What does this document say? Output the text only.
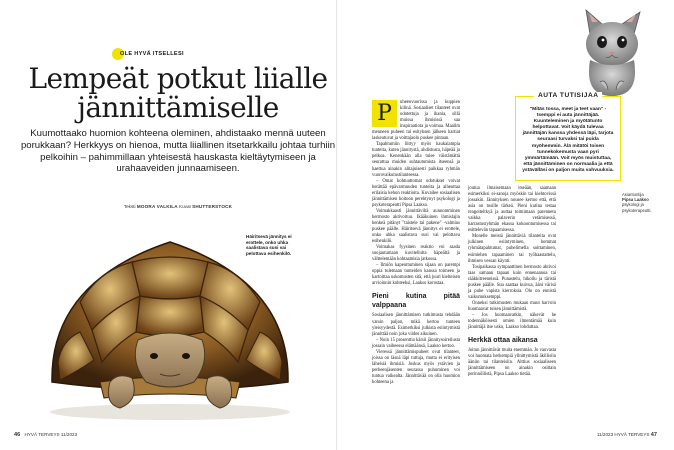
OLE HYVÄ ITSELLESI
Lempeät potkut liialle jännittämiselle

Kuumottaako huomion kohteena oleminen, ahdistaako mennä uuteen porukkaan? Herkkyys on hienoa, mutta liiallinen itsetarkkailu johtaa turhiin pelkoihin – pahimmillaan yhteisestä hauskasta kieltäytymiseen ja urahaaveiden junnaamiseen.

Teksti MOORA VALKILA Kuvat SHUTTERSTOCK

Häiritsevä jännitys ei erottele, onko uhka saalistava susi vai pelottava esihenkilö.

46 HYVÄ TERVEYS 11/2023
P	uheenvuorissa ja kuppien kilinä. Sosiaaliset tilanteet ovat odotettuja ja ihania, sillä muissa ihmisissä saa inspiraatiota ja voimaa. Maailm menneen puheen tai esityksen jälkeen hartiat laskeutuvat ja voittajaolo puskee pintaan.

Tapahtumiin liittyy myös haukalampia tunteita, kuten jännitystä, ahdistusta, häpeää ja pelkoa. Kenenkään alla tulee väistämättä seurattua muiden suhtautumista itseensä ja haettua ainakin alitajuisesti paikkaa ryhmän vuorovaikutustilanteessa.

– Omat kohtuuttomat odotukset voivat herättää epävarmuuden tunteita ja aiheuttaa erilaisia kehon reaktioita. Kuvailee sosiaalisen jännittämisen hoitoon perehtynyt psykologi ja psykoterapeutti Pipsa Laakso.

Voimakkaasti jännittäviltä aunnomminen hermosto aktivoituu. Ikääkuinen ihmislajin henkeä pitänyt "taistele tai pakene" -valmius puskee päälle. Häiritsevä jännitys ei erottele, onko uhka saalistava susi vai pelottava esihenkilö.

Voimakas fyysinen reaktio voi saada suojautumaan kuvitellulta häpeältä ja välttelemään kohtaamisia jatkossa.

– Ilmiön kapeuttuminen sijaan on parempi oppia tulemaan tunteiden kanssa toimeen ja kartoittaa uskomusten sitä, että juuri kielteisen arvioinnin kohteeksi, Laakso korostaa.

Pieni kutina pitää valppaana

Sosiaalisen jännittämisen tutkimusta tehdään varsin paljon, mikä kertoo tunteen yleisyydestä. Esimerkiksi julkista esiintymistä jännittää noin joka viides aikuinen.

– Noin 15 prosenttia kärsii jännitysoireilusta jossain vaiheessa elämäänsä, Laakso kertoo.

Vieressä jännittämispuheet ovat tilanteet, joissa on läsnä läpi tuttuja, mutta ei erityisen läheisiä ihmisiä. Joskus myös ystävien ja perheenjäsenten seurassa puhuminen voi tuntua vaikealta. Jännittävää on olla huomion kohteena ja

AUTA TUTISIJAA

"Mitäs tossa, meet ja teet vaan" -tsemppi ei auta jännittäjää. Kuunteleminen ja myötätunto helpottavat. Voit käydä tulevaa jännittäjän kanssa yhdessä läpi, tarjota seuraasi turvaksi tai puida myöhemmin. Älä mitätöi toisen tunnekokemusta vaan pyri ymmärtämään. Voit myös muistuttaa, että jännittäminen on normaalia ja että ystävälläsi on paljon muita vahvuuksia.

joutua ilmaisemaan itseään, saamaan esimerkiksi ei-sanoja myöskin tai kiehtovissä jossakin. Jännityksen nousee kertoo että, että asia on tosille tärkeä. Pieni kutina testaa reagoiteltkyä ja auttaa toimimaan parennetu vaikka palaverin vetämisessä, harrastusryhmän ekassa kokoontumisessa tai esittelevän tapaamisessa.

Monelle meistä jännittäviä tilanteita ovat julkinen esiintyminen, hommat ryhmätapahtumat, puhelimella soittaminen, esimiehen tapaaminen tai työhaastattelu, ihmisen vessan käynti.

Tosipaikassa sympaattinen hermosto aktivoi taas samaan tapaan kuin ennenaanoa tai rääkkitreeneissä. Punastelu, hikoilu ja täristä puskee päälle. Suu saattaa kuivua, ääni värisä ja puhe vapista kierroksia. Olo on ennistä vaikumuksemppi.

Onneksi tutkimusten mukaan muut harvoin huomaavat toisen jännittämistä.

– Jos huomaavatkin, näkevät he todennäköisesti omien ilmentämää kuin jännittäjä itse usko, Laakso lohduttaa.

Herkkä ottaa aikansa

Joitun jännittävät muita enemmän. Jo vauvasta voi huomata herkempiä yllnittymistä äkillisiin ääniin tai tilanteisiin. Alttius sosiaaliseen jännittämiseen on ainakin osittain perinnöllistä, Pipsa Laakso tietää.

Asiantuntija
Pipsa Laakso
psykologi ja psykoterapeutti.

11/2023 HYVÄ TERVEYS 47
